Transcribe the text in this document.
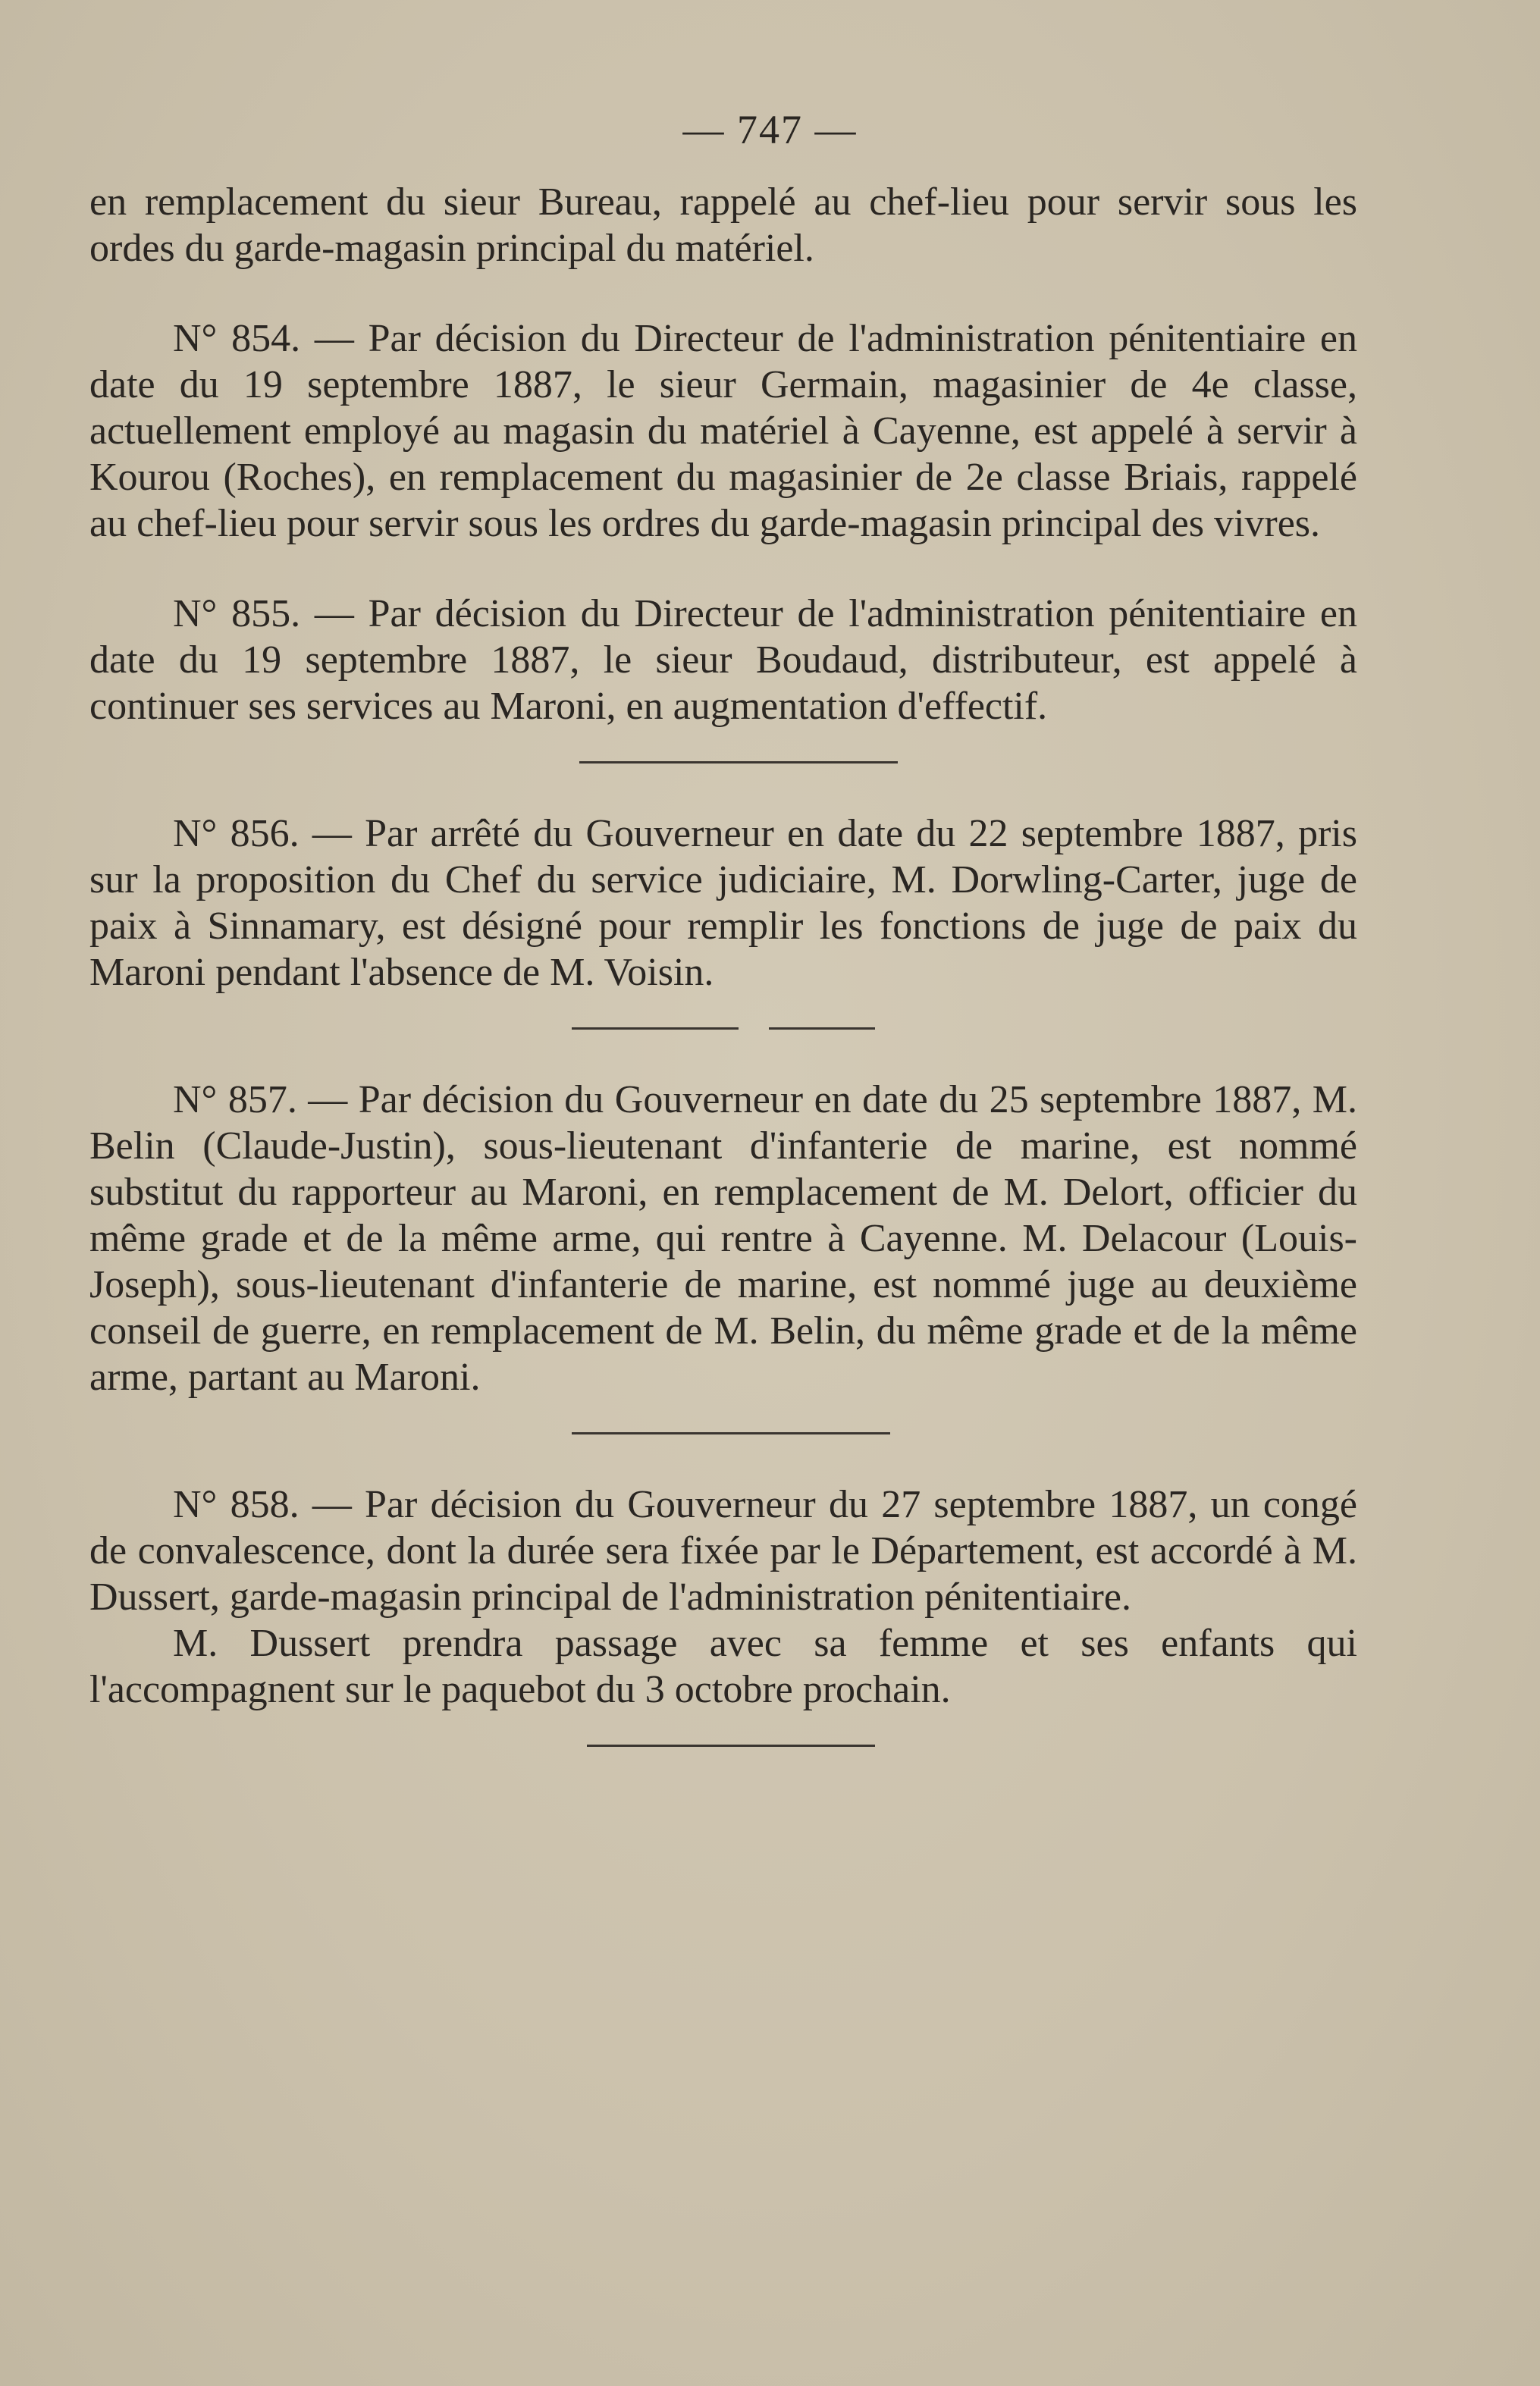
— 747 —

en remplacement du sieur Bureau, rappelé au chef-lieu pour servir sous les ordes du garde-magasin principal du matériel.

N° 854. — Par décision du Directeur de l'administration pénitentiaire en date du 19 septembre 1887, le sieur Germain, magasinier de 4e classe, actuellement employé au magasin du matériel à Cayenne, est appelé à servir à Kourou (Roches), en remplacement du magasinier de 2e classe Briais, rappelé au chef-lieu pour servir sous les ordres du garde-magasin principal des vivres.

N° 855. — Par décision du Directeur de l'administration pénitentiaire en date du 19 septembre 1887, le sieur Boudaud, distributeur, est appelé à continuer ses services au Maroni, en augmentation d'effectif.

N° 856. — Par arrêté du Gouverneur en date du 22 septembre 1887, pris sur la proposition du Chef du service judiciaire, M. Dorwling-Carter, juge de paix à Sinnamary, est désigné pour remplir les fonctions de juge de paix du Maroni pendant l'absence de M. Voisin.

N° 857. — Par décision du Gouverneur en date du 25 septembre 1887, M. Belin (Claude-Justin), sous-lieutenant d'infanterie de marine, est nommé substitut du rapporteur au Maroni, en remplacement de M. Delort, officier du même grade et de la même arme, qui rentre à Cayenne. M. Delacour (Louis-Joseph), sous-lieutenant d'infanterie de marine, est nommé juge au deuxième conseil de guerre, en remplacement de M. Belin, du même grade et de la même arme, partant au Maroni.

N° 858. — Par décision du Gouverneur du 27 septembre 1887, un congé de convalescence, dont la durée sera fixée par le Département, est accordé à M. Dussert, garde-magasin principal de l'administration pénitentiaire.

M. Dussert prendra passage avec sa femme et ses enfants qui l'accompagnent sur le paquebot du 3 octobre prochain.
